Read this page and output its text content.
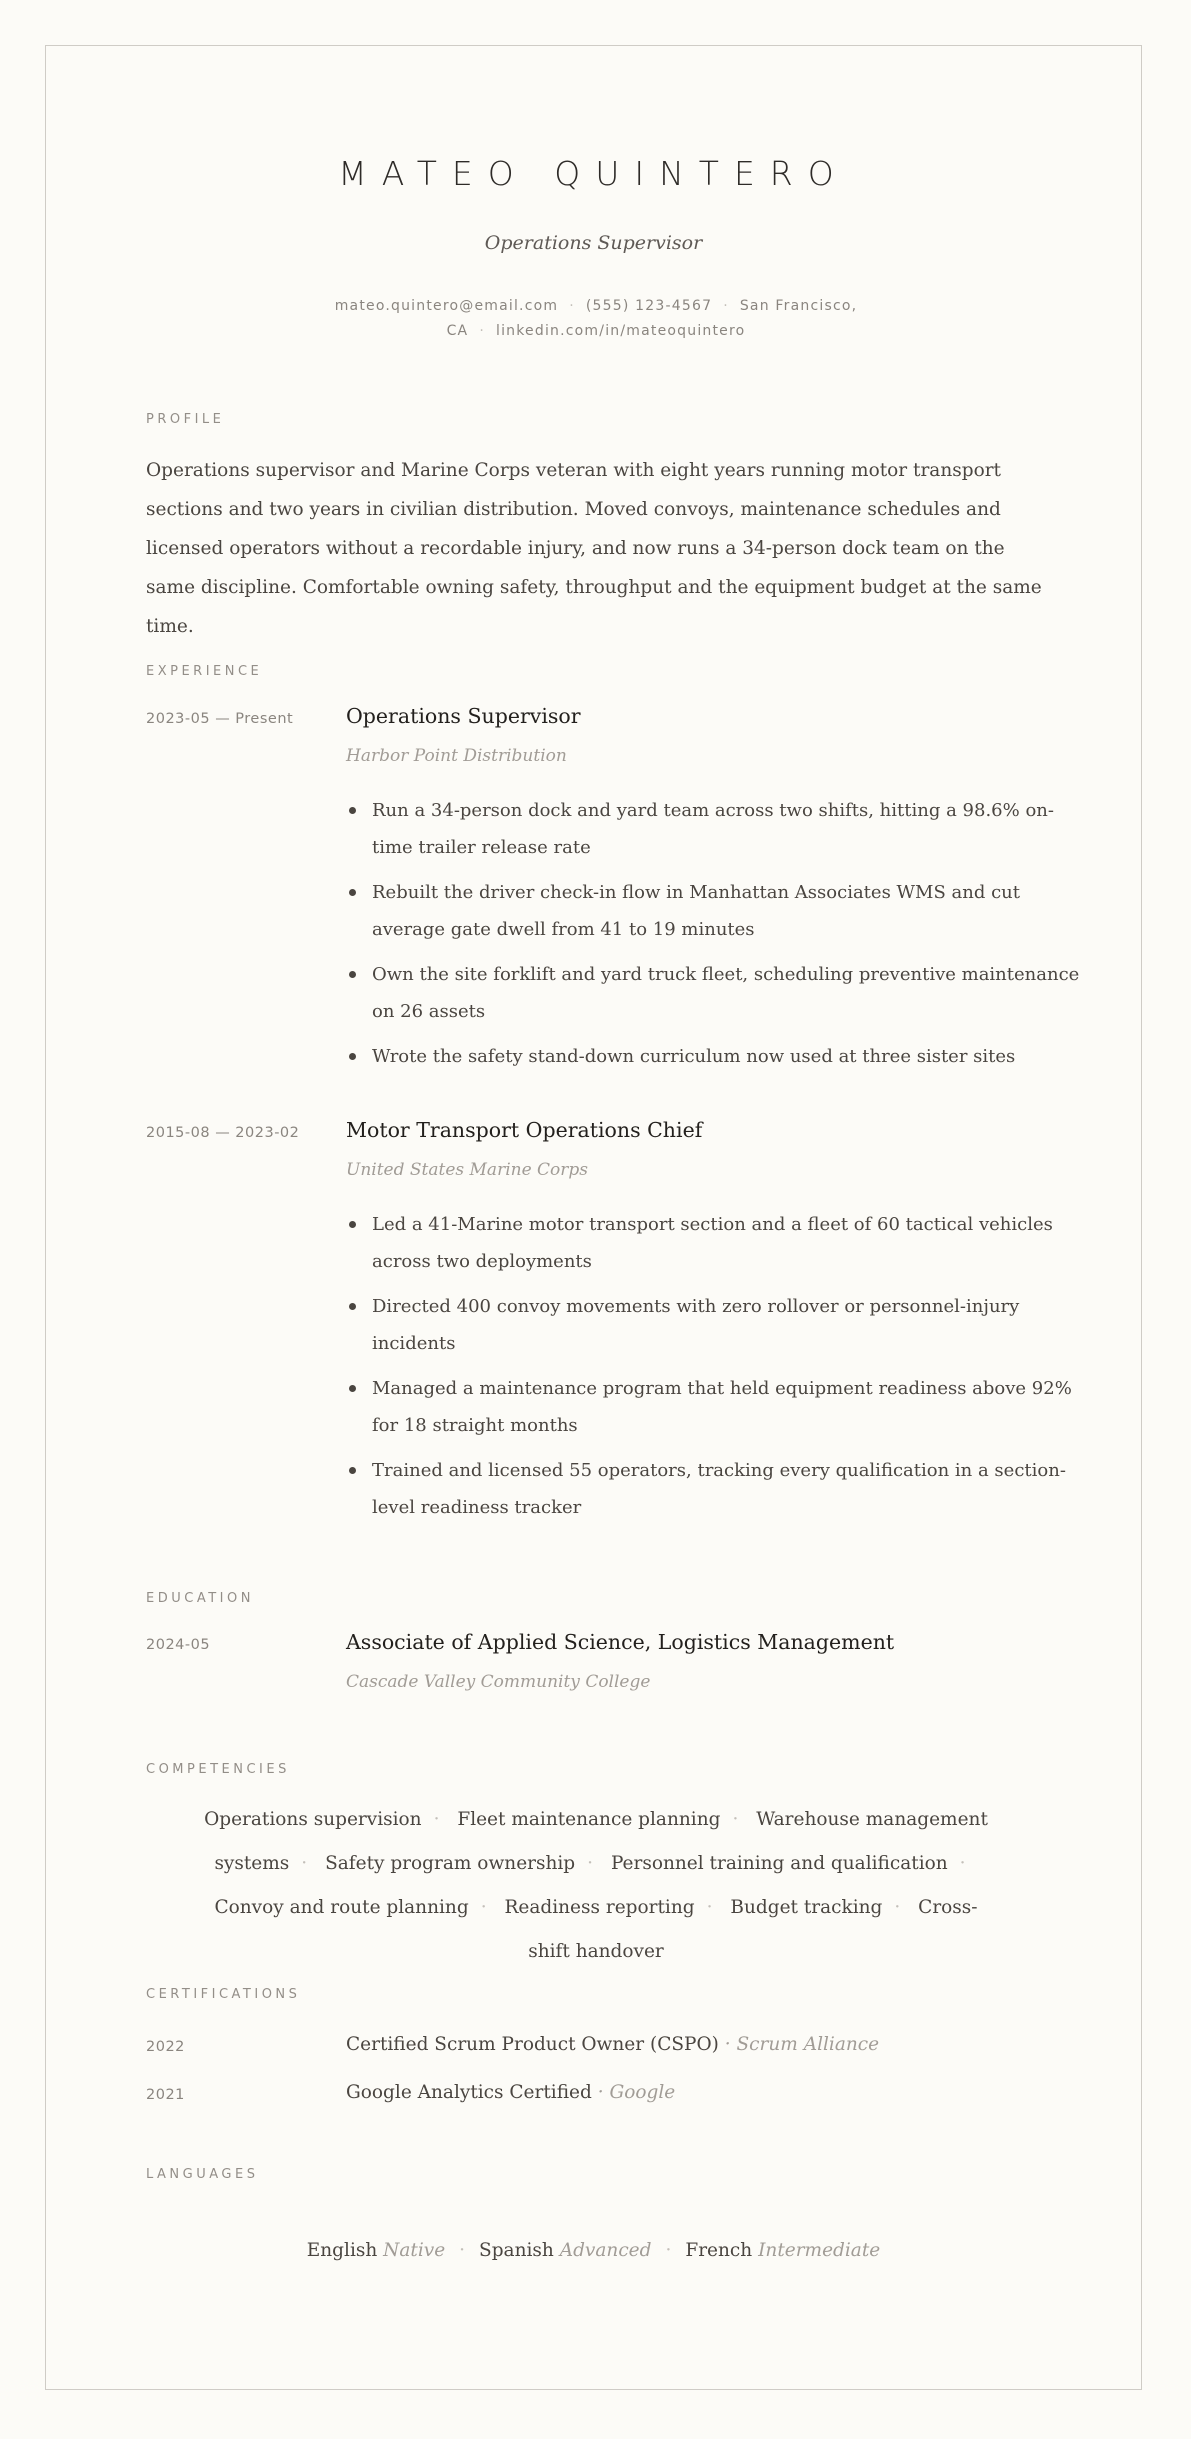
MATEO QUINTERO
Operations Supervisor
mateo.quintero@email.com · (555) 123-4567 · San Francisco, CA · linkedin.com/in/mateoquintero
PROFILE
Operations supervisor and Marine Corps veteran with eight years running motor transport sections and two years in civilian distribution. Moved convoys, maintenance schedules and licensed operators without a recordable injury, and now runs a 34-person dock team on the same discipline. Comfortable owning safety, throughput and the equipment budget at the same time.
EXPERIENCE
2023-05 — Present	Operations Supervisor
Harbor Point Distribution
Run a 34-person dock and yard team across two shifts, hitting a 98.6% on-time trailer release rate
Rebuilt the driver check-in flow in Manhattan Associates WMS and cut average gate dwell from 41 to 19 minutes
Own the site forklift and yard truck fleet, scheduling preventive maintenance on 26 assets
Wrote the safety stand-down curriculum now used at three sister sites
2015-08 — 2023-02 Motor Transport Operations Chief
United States Marine Corps
Led a 41-Marine motor transport section and a fleet of 60 tactical vehicles across two deployments
Directed 400 convoy movements with zero rollover or personnel-injury incidents
Managed a maintenance program that held equipment readiness above 92% for 18 straight months
Trained and licensed 55 operators, tracking every qualification in a section-level readiness tracker
EDUCATION
2024-05	Associate of Applied Science, Logistics Management
Cascade Valley Community College
COMPETENCIES
Operations supervision · Fleet maintenance planning · Warehouse management systems · Safety program ownership · Personnel training and qualification · Convoy and route planning · Readiness reporting · Budget tracking · Cross-shift handover
CERTIFICATIONS
2022	Certified Scrum Product Owner (CSPO) · Scrum Alliance
2021	Google Analytics Certified · Google
LANGUAGES
English Native · Spanish Advanced · French Intermediate
